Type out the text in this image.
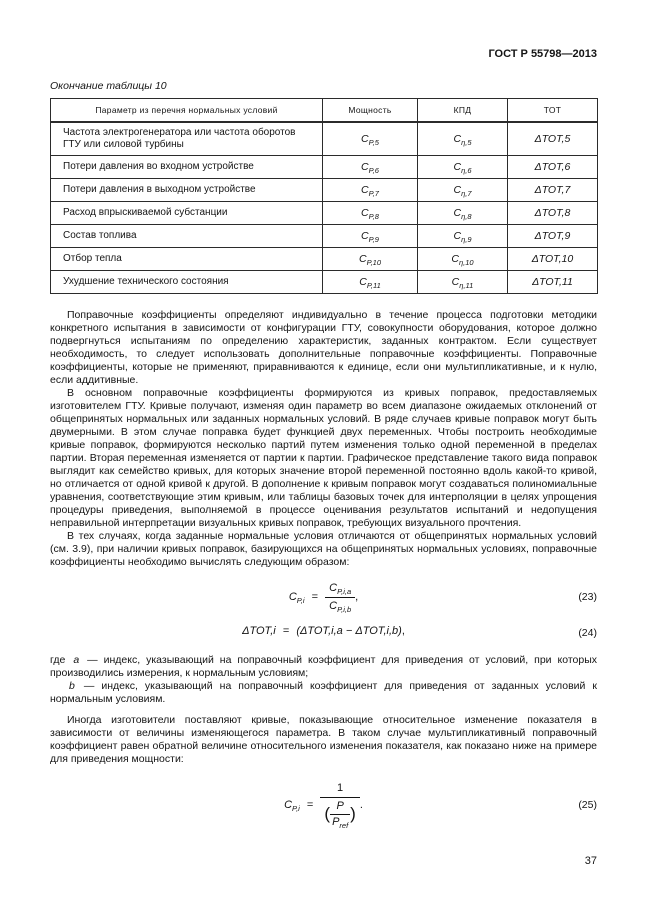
ГОСТ Р 55798—2013
Окончание таблицы 10
Параметр из перечня нормальных условий	Мощность	КПД	ТОТ
Частота электрогенератора или частота оборотов ГТУ или силовой турбины	$C_{P,5}$	$C_{\eta,5}$	ΔТОТ,5
Потери давления во входном устройстве	$C_{P,6}$	$C_{\eta,6}$	ΔТОТ,6
Потери давления в выходном устройстве	$C_{P,7}$	$C_{\eta,7}$	ΔТОТ,7
Расход впрыскиваемой субстанции	$C_{P,8}$	$C_{\eta,8}$	ΔТОТ,8
Состав топлива	$C_{P,9}$	$C_{\eta,9}$	ΔТОТ,9
Отбор тепла	$C_{P,10}$	$C_{\eta,10}$	ΔТОТ,10
Ухудшение технического состояния	$C_{P,11}$	$C_{\eta,11}$	ΔТОТ,11

Поправочные коэффициенты определяют индивидуально в течение процесса подготовки методики конкретного испытания в зависимости от конфигурации ГТУ, совокупности оборудования, которое должно подвергнуться испытаниям по определению характеристик, заданных контрактом. Если существует необходимость, то следует использовать дополнительные поправочные коэффициенты. Поправочные коэффициенты, которые не применяют, приравниваются к единице, если они мультипликативные, и к нулю, если аддитивные.

В основном поправочные коэффициенты формируются из кривых поправок, предоставляемых изготовителем ГТУ. Кривые получают, изменяя один параметр во всем диапазоне ожидаемых отклонений от общепринятых нормальных или заданных нормальных условий. В ряде случаев кривые поправок могут быть двумерными. В этом случае поправка будет функцией двух переменных. Чтобы построить необходимые кривые поправок, формируются несколько партий путем изменения только одной переменной в пределах партии. Вторая переменная изменяется от партии к партии. Графическое представление такого вида поправок выглядит как семейство кривых, для которых значение второй переменной постоянно вдоль какой-то кривой, но отличается от одной кривой к другой. В дополнение к кривым поправок могут создаваться полиномиальные уравнения, соответствующие этим кривым, или таблицы базовых точек для интерполяции в целях упрощения процедуры приведения, выполняемой в процессе оценивания результатов испытаний и недопущения неправильной интерпретации визуальных кривых поправок, требующих визуального прочтения.

В тех случаях, когда заданные нормальные условия отличаются от общепринятых нормальных условий (см. 3.9), при наличии кривых поправок, базирующихся на общепринятых нормальных условиях, поправочные коэффициенты необходимо вычислять следующим образом:

$C_{P,i} = \frac{C_{P,i,a}}{C_{P,i,b}}$ ,	(23)
ΔТОТ,i = (ΔТОТ,i,a − ΔТОТ,i,b),	(24)

где a — индекс, указывающий на поправочный коэффициент для приведения от условий, при которых производились измерения, к нормальным условиям;

b — индекс, указывающий на поправочный коэффициент для приведения от заданных условий к нормальным условиям.

Иногда изготовители поставляют кривые, показывающие относительное изменение показателя в зависимости от величины изменяющегося параметра. В таком случае мультипликативный поправочный коэффициент равен обратной величине относительного изменения показателя, как показано ниже на примере для приведения мощности:

$C_{P,i} = \frac{1}{( \frac{P}{P_{ref}} )}$ .	(25)
37
